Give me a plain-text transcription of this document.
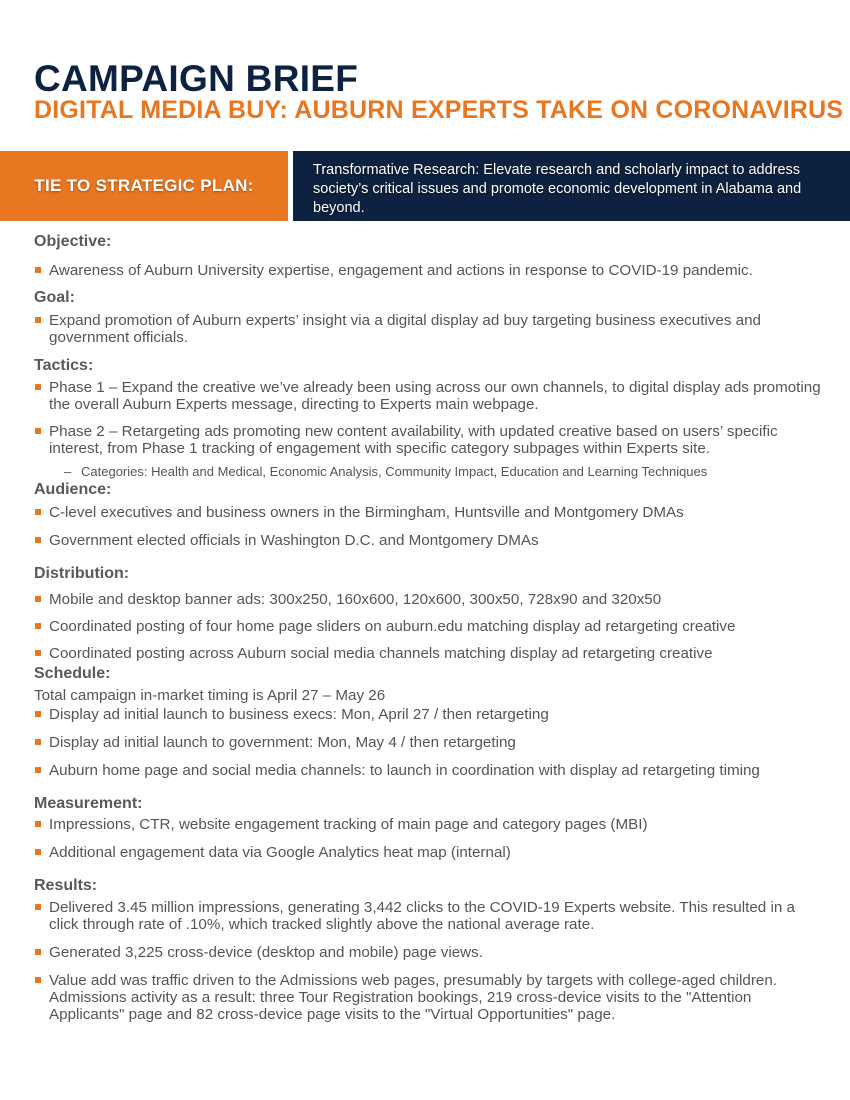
CAMPAIGN BRIEF
DIGITAL MEDIA BUY: AUBURN EXPERTS TAKE ON CORONAVIRUS
TIE TO STRATEGIC PLAN:
Transformative Research: Elevate research and scholarly impact to address society’s critical issues and promote economic development in Alabama and beyond.
Objective:
Awareness of Auburn University expertise, engagement and actions in response to COVID-19 pandemic.
Goal:
Expand promotion of Auburn experts’ insight via a digital display ad buy targeting business executives and government officials.
Tactics:
Phase 1 – Expand the creative we’ve already been using across our own channels, to digital display ads promoting the overall Auburn Experts message, directing to Experts main webpage.
Phase 2 – Retargeting ads promoting new content availability, with updated creative based on users’ specific interest, from Phase 1 tracking of engagement with specific category subpages within Experts site.
– Categories: Health and Medical, Economic Analysis, Community Impact, Education and Learning Techniques
Audience:
C-level executives and business owners in the Birmingham, Huntsville and Montgomery DMAs
Government elected officials in Washington D.C. and Montgomery DMAs
Distribution:
Mobile and desktop banner ads: 300x250, 160x600, 120x600, 300x50, 728x90 and 320x50
Coordinated posting of four home page sliders on auburn.edu matching display ad retargeting creative
Coordinated posting across Auburn social media channels matching display ad retargeting creative
Schedule:
Total campaign in-market timing is April 27 – May 26
Display ad initial launch to business execs: Mon, April 27 / then retargeting
Display ad initial launch to government: Mon, May 4 / then retargeting
Auburn home page and social media channels: to launch in coordination with display ad retargeting timing
Measurement:
Impressions, CTR, website engagement tracking of main page and category pages (MBI)
Additional engagement data via Google Analytics heat map (internal)
Results:
Delivered 3.45 million impressions, generating 3,442 clicks to the COVID-19 Experts website. This resulted in a click through rate of .10%, which tracked slightly above the national average rate.
Generated 3,225 cross-device (desktop and mobile) page views.
Value add was traffic driven to the Admissions web pages, presumably by targets with college-aged children. Admissions activity as a result: three Tour Registration bookings, 219 cross-device visits to the "Attention Applicants" page and 82 cross-device page visits to the "Virtual Opportunities" page.
